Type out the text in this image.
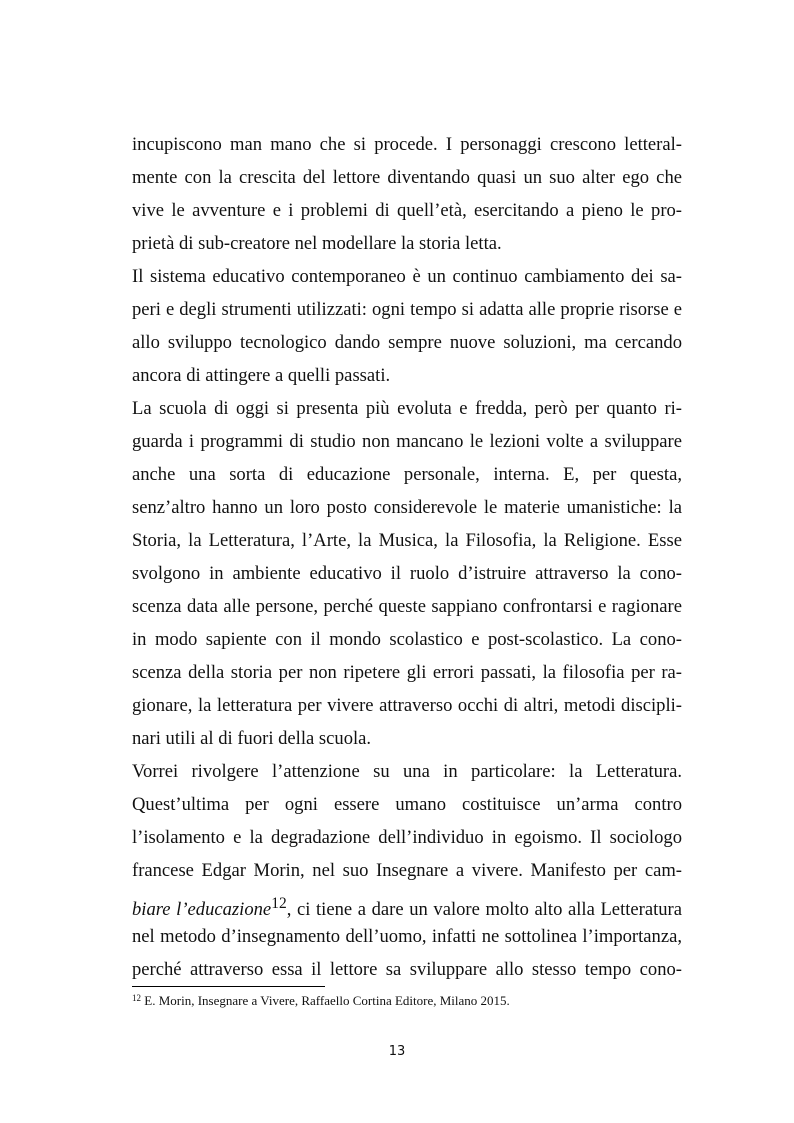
incupiscono man mano che si procede. I personaggi crescono letteral-
mente con la crescita del lettore diventando quasi un suo alter ego che
vive le avventure e i problemi di quell’età, esercitando a pieno le pro-
prietà di sub-creatore nel modellare la storia letta.
Il sistema educativo contemporaneo è un continuo cambiamento dei sa-
peri e degli strumenti utilizzati: ogni tempo si adatta alle proprie risorse e
allo sviluppo tecnologico dando sempre nuove soluzioni, ma cercando
ancora di attingere a quelli passati.
La scuola di oggi si presenta più evoluta e fredda, però per quanto ri-
guarda i programmi di studio non mancano le lezioni volte a sviluppare
anche una sorta di educazione personale, interna. E, per questa,
senz’altro hanno un loro posto considerevole le materie umanistiche: la
Storia, la Letteratura, l’Arte, la Musica, la Filosofia, la Religione. Esse
svolgono in ambiente educativo il ruolo d’istruire attraverso la cono-
scenza data alle persone, perché queste sappiano confrontarsi e ragionare
in modo sapiente con il mondo scolastico e post-scolastico. La cono-
scenza della storia per non ripetere gli errori passati, la filosofia per ra-
gionare, la letteratura per vivere attraverso occhi di altri, metodi discipli-
nari utili al di fuori della scuola.
Vorrei rivolgere l’attenzione su una in particolare: la Letteratura.
Quest’ultima per ogni essere umano costituisce un’arma contro
l’isolamento e la degradazione dell’individuo in egoismo. Il sociologo
francese Edgar Morin, nel suo Insegnare a vivere. Manifesto per cam-
biare l’educazione$^{12}$, ci tiene a dare un valore molto alto alla Letteratura
nel metodo d’insegnamento dell’uomo, infatti ne sottolinea l’importanza,
perché attraverso essa il lettore sa sviluppare allo stesso tempo cono-
$^{12}$ E. Morin, Insegnare a Vivere, Raffaello Cortina Editore, Milano 2015.
13
